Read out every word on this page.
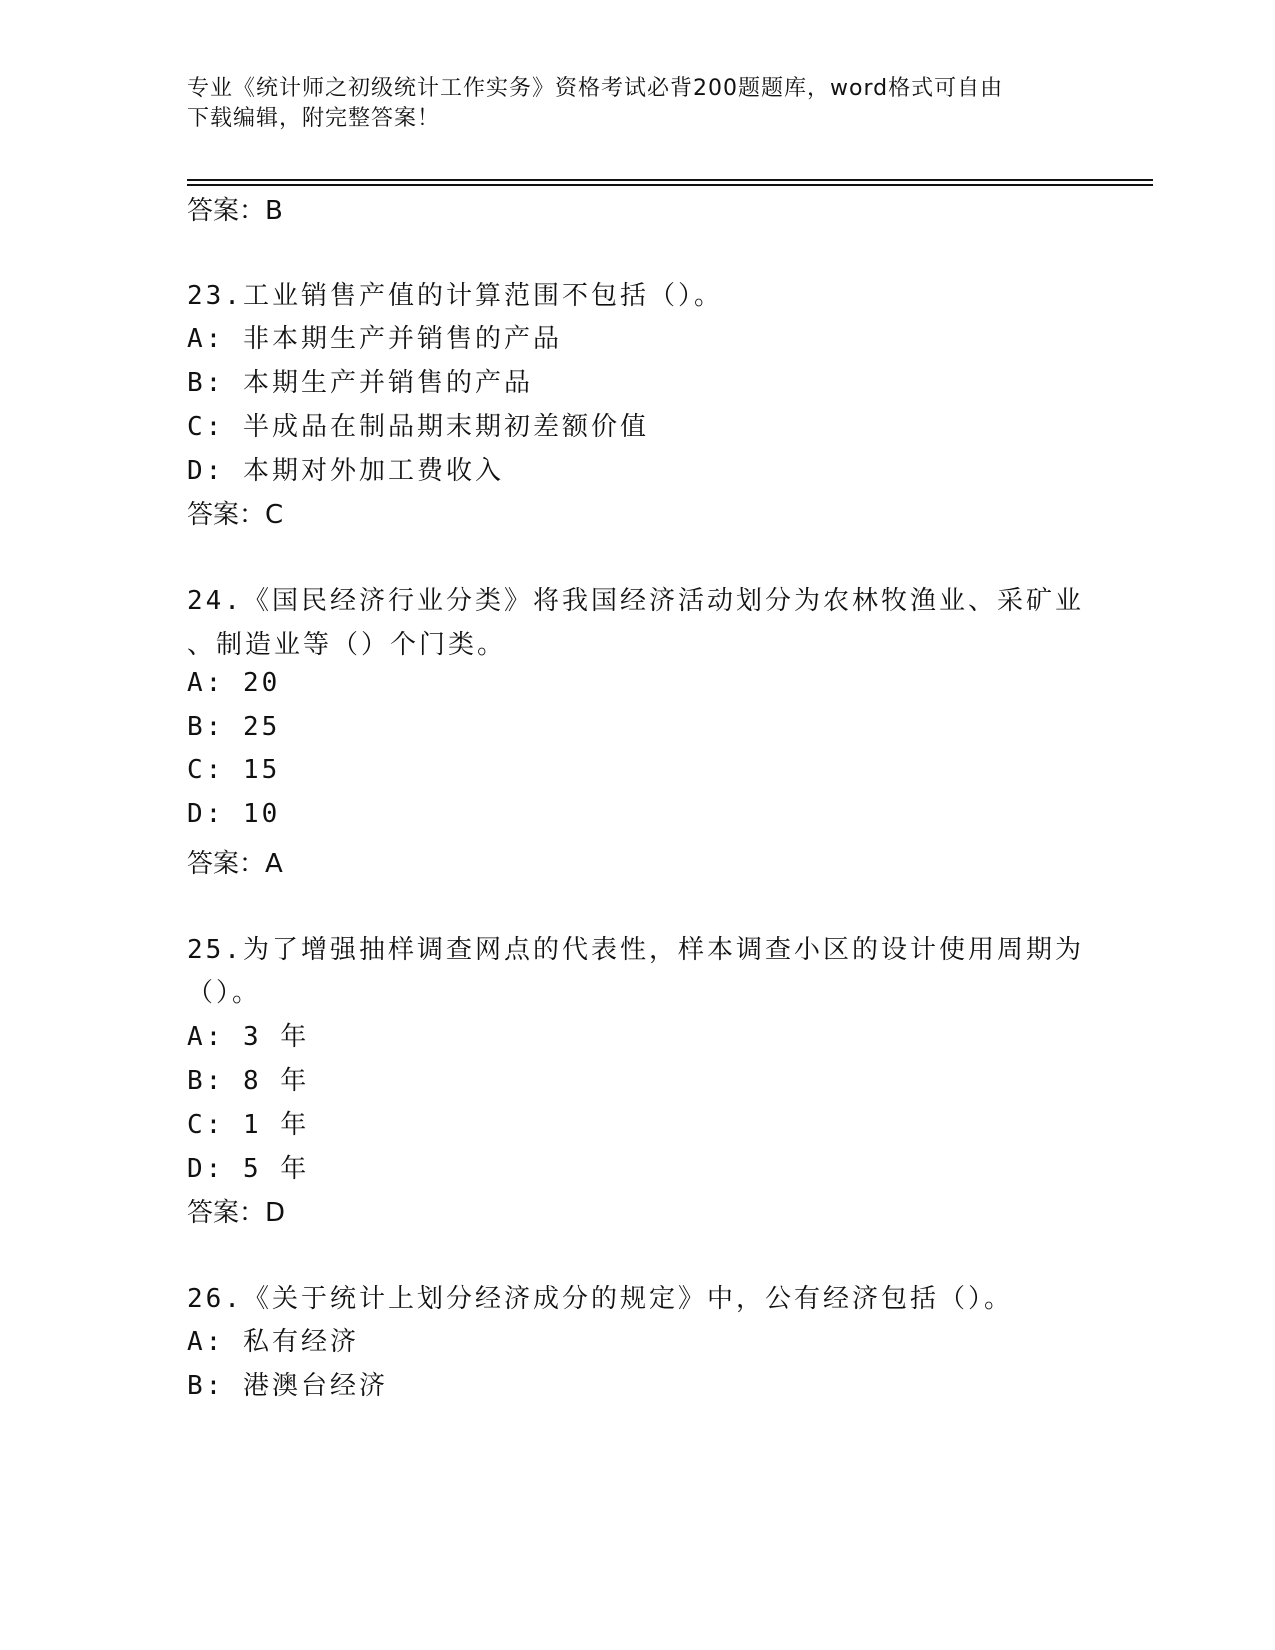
专业《统计师之初级统计工作实务》资格考试必背200题题库，word格式可自由
下载编辑，附完整答案！
答案：B
23.工业销售产值的计算范围不包括（）。
A: 非本期生产并销售的产品
B: 本期生产并销售的产品
C: 半成品在制品期末期初差额价值
D: 本期对外加工费收入
答案：C
24.《国民经济行业分类》将我国经济活动划分为农林牧渔业、采矿业
、制造业等（）个门类。
A: 20
B: 25
C: 15
D: 10
答案：A
25.为了增强抽样调查网点的代表性，样本调查小区的设计使用周期为
（）。
A: 3 年
B: 8 年
C: 1 年
D: 5 年
答案：D
26.《关于统计上划分经济成分的规定》中，公有经济包括（）。
A: 私有经济
B: 港澳台经济
